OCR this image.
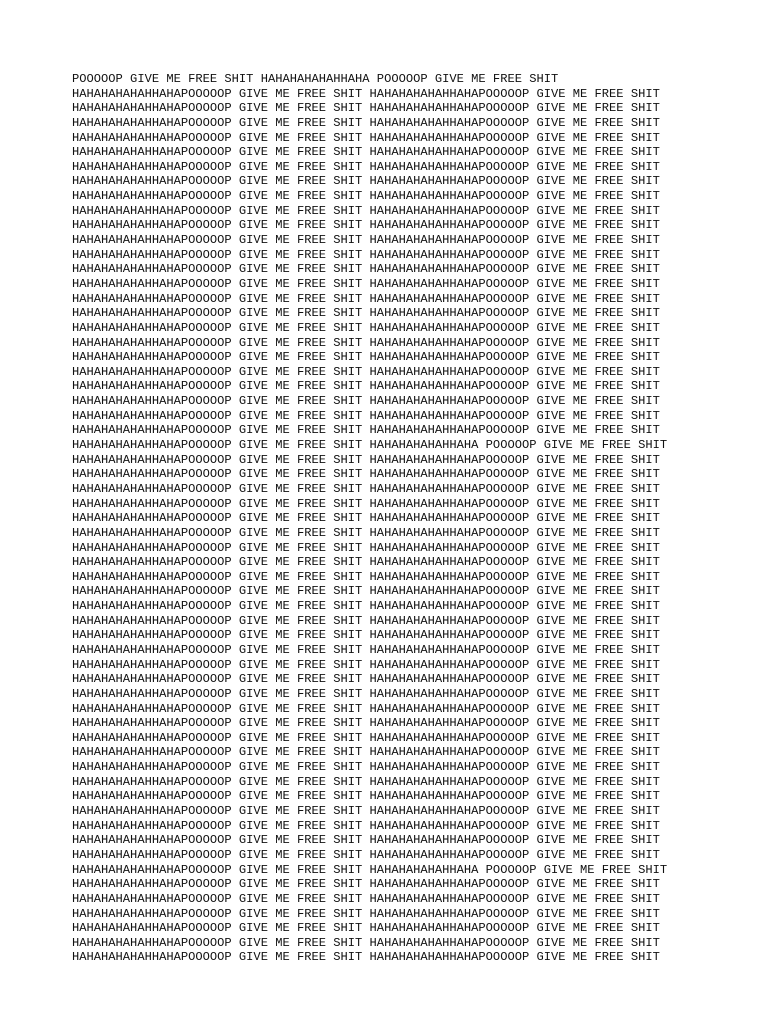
POOOOOP GIVE ME FREE SHIT HAHAHAHAHAHHAHA POOOOOP GIVE ME FREE SHIT
HAHAHAHAHAHHAHAPOOOOOP GIVE ME FREE SHIT HAHAHAHAHAHHAHAPOOOOOP GIVE ME FREE SHIT
HAHAHAHAHAHHAHAPOOOOOP GIVE ME FREE SHIT HAHAHAHAHAHHAHAPOOOOOP GIVE ME FREE SHIT
HAHAHAHAHAHHAHAPOOOOOP GIVE ME FREE SHIT HAHAHAHAHAHHAHAPOOOOOP GIVE ME FREE SHIT
HAHAHAHAHAHHAHAPOOOOOP GIVE ME FREE SHIT HAHAHAHAHAHHAHAPOOOOOP GIVE ME FREE SHIT
HAHAHAHAHAHHAHAPOOOOOP GIVE ME FREE SHIT HAHAHAHAHAHHAHAPOOOOOP GIVE ME FREE SHIT
HAHAHAHAHAHHAHAPOOOOOP GIVE ME FREE SHIT HAHAHAHAHAHHAHAPOOOOOP GIVE ME FREE SHIT
HAHAHAHAHAHHAHAPOOOOOP GIVE ME FREE SHIT HAHAHAHAHAHHAHAPOOOOOP GIVE ME FREE SHIT
HAHAHAHAHAHHAHAPOOOOOP GIVE ME FREE SHIT HAHAHAHAHAHHAHAPOOOOOP GIVE ME FREE SHIT
HAHAHAHAHAHHAHAPOOOOOP GIVE ME FREE SHIT HAHAHAHAHAHHAHAPOOOOOP GIVE ME FREE SHIT
HAHAHAHAHAHHAHAPOOOOOP GIVE ME FREE SHIT HAHAHAHAHAHHAHAPOOOOOP GIVE ME FREE SHIT
HAHAHAHAHAHHAHAPOOOOOP GIVE ME FREE SHIT HAHAHAHAHAHHAHAPOOOOOP GIVE ME FREE SHIT
HAHAHAHAHAHHAHAPOOOOOP GIVE ME FREE SHIT HAHAHAHAHAHHAHAPOOOOOP GIVE ME FREE SHIT
HAHAHAHAHAHHAHAPOOOOOP GIVE ME FREE SHIT HAHAHAHAHAHHAHAPOOOOOP GIVE ME FREE SHIT
HAHAHAHAHAHHAHAPOOOOOP GIVE ME FREE SHIT HAHAHAHAHAHHAHAPOOOOOP GIVE ME FREE SHIT
HAHAHAHAHAHHAHAPOOOOOP GIVE ME FREE SHIT HAHAHAHAHAHHAHAPOOOOOP GIVE ME FREE SHIT
HAHAHAHAHAHHAHAPOOOOOP GIVE ME FREE SHIT HAHAHAHAHAHHAHAPOOOOOP GIVE ME FREE SHIT
HAHAHAHAHAHHAHAPOOOOOP GIVE ME FREE SHIT HAHAHAHAHAHHAHAPOOOOOP GIVE ME FREE SHIT
HAHAHAHAHAHHAHAPOOOOOP GIVE ME FREE SHIT HAHAHAHAHAHHAHAPOOOOOP GIVE ME FREE SHIT
HAHAHAHAHAHHAHAPOOOOOP GIVE ME FREE SHIT HAHAHAHAHAHHAHAPOOOOOP GIVE ME FREE SHIT
HAHAHAHAHAHHAHAPOOOOOP GIVE ME FREE SHIT HAHAHAHAHAHHAHAPOOOOOP GIVE ME FREE SHIT
HAHAHAHAHAHHAHAPOOOOOP GIVE ME FREE SHIT HAHAHAHAHAHHAHAPOOOOOP GIVE ME FREE SHIT
HAHAHAHAHAHHAHAPOOOOOP GIVE ME FREE SHIT HAHAHAHAHAHHAHAPOOOOOP GIVE ME FREE SHIT
HAHAHAHAHAHHAHAPOOOOOP GIVE ME FREE SHIT HAHAHAHAHAHHAHAPOOOOOP GIVE ME FREE SHIT
HAHAHAHAHAHHAHAPOOOOOP GIVE ME FREE SHIT HAHAHAHAHAHHAHAPOOOOOP GIVE ME FREE SHIT
HAHAHAHAHAHHAHAPOOOOOP GIVE ME FREE SHIT HAHAHAHAHAHHAHA POOOOOP GIVE ME FREE SHIT
HAHAHAHAHAHHAHAPOOOOOP GIVE ME FREE SHIT HAHAHAHAHAHHAHAPOOOOOP GIVE ME FREE SHIT
HAHAHAHAHAHHAHAPOOOOOP GIVE ME FREE SHIT HAHAHAHAHAHHAHAPOOOOOP GIVE ME FREE SHIT
HAHAHAHAHAHHAHAPOOOOOP GIVE ME FREE SHIT HAHAHAHAHAHHAHAPOOOOOP GIVE ME FREE SHIT
HAHAHAHAHAHHAHAPOOOOOP GIVE ME FREE SHIT HAHAHAHAHAHHAHAPOOOOOP GIVE ME FREE SHIT
HAHAHAHAHAHHAHAPOOOOOP GIVE ME FREE SHIT HAHAHAHAHAHHAHAPOOOOOP GIVE ME FREE SHIT
HAHAHAHAHAHHAHAPOOOOOP GIVE ME FREE SHIT HAHAHAHAHAHHAHAPOOOOOP GIVE ME FREE SHIT
HAHAHAHAHAHHAHAPOOOOOP GIVE ME FREE SHIT HAHAHAHAHAHHAHAPOOOOOP GIVE ME FREE SHIT
HAHAHAHAHAHHAHAPOOOOOP GIVE ME FREE SHIT HAHAHAHAHAHHAHAPOOOOOP GIVE ME FREE SHIT
HAHAHAHAHAHHAHAPOOOOOP GIVE ME FREE SHIT HAHAHAHAHAHHAHAPOOOOOP GIVE ME FREE SHIT
HAHAHAHAHAHHAHAPOOOOOP GIVE ME FREE SHIT HAHAHAHAHAHHAHAPOOOOOP GIVE ME FREE SHIT
HAHAHAHAHAHHAHAPOOOOOP GIVE ME FREE SHIT HAHAHAHAHAHHAHAPOOOOOP GIVE ME FREE SHIT
HAHAHAHAHAHHAHAPOOOOOP GIVE ME FREE SHIT HAHAHAHAHAHHAHAPOOOOOP GIVE ME FREE SHIT
HAHAHAHAHAHHAHAPOOOOOP GIVE ME FREE SHIT HAHAHAHAHAHHAHAPOOOOOP GIVE ME FREE SHIT
HAHAHAHAHAHHAHAPOOOOOP GIVE ME FREE SHIT HAHAHAHAHAHHAHAPOOOOOP GIVE ME FREE SHIT
HAHAHAHAHAHHAHAPOOOOOP GIVE ME FREE SHIT HAHAHAHAHAHHAHAPOOOOOP GIVE ME FREE SHIT
HAHAHAHAHAHHAHAPOOOOOP GIVE ME FREE SHIT HAHAHAHAHAHHAHAPOOOOOP GIVE ME FREE SHIT
HAHAHAHAHAHHAHAPOOOOOP GIVE ME FREE SHIT HAHAHAHAHAHHAHAPOOOOOP GIVE ME FREE SHIT
HAHAHAHAHAHHAHAPOOOOOP GIVE ME FREE SHIT HAHAHAHAHAHHAHAPOOOOOP GIVE ME FREE SHIT
HAHAHAHAHAHHAHAPOOOOOP GIVE ME FREE SHIT HAHAHAHAHAHHAHAPOOOOOP GIVE ME FREE SHIT
HAHAHAHAHAHHAHAPOOOOOP GIVE ME FREE SHIT HAHAHAHAHAHHAHAPOOOOOP GIVE ME FREE SHIT
HAHAHAHAHAHHAHAPOOOOOP GIVE ME FREE SHIT HAHAHAHAHAHHAHAPOOOOOP GIVE ME FREE SHIT
HAHAHAHAHAHHAHAPOOOOOP GIVE ME FREE SHIT HAHAHAHAHAHHAHAPOOOOOP GIVE ME FREE SHIT
HAHAHAHAHAHHAHAPOOOOOP GIVE ME FREE SHIT HAHAHAHAHAHHAHAPOOOOOP GIVE ME FREE SHIT
HAHAHAHAHAHHAHAPOOOOOP GIVE ME FREE SHIT HAHAHAHAHAHHAHAPOOOOOP GIVE ME FREE SHIT
HAHAHAHAHAHHAHAPOOOOOP GIVE ME FREE SHIT HAHAHAHAHAHHAHAPOOOOOP GIVE ME FREE SHIT
HAHAHAHAHAHHAHAPOOOOOP GIVE ME FREE SHIT HAHAHAHAHAHHAHAPOOOOOP GIVE ME FREE SHIT
HAHAHAHAHAHHAHAPOOOOOP GIVE ME FREE SHIT HAHAHAHAHAHHAHAPOOOOOP GIVE ME FREE SHIT
HAHAHAHAHAHHAHAPOOOOOP GIVE ME FREE SHIT HAHAHAHAHAHHAHAPOOOOOP GIVE ME FREE SHIT
HAHAHAHAHAHHAHAPOOOOOP GIVE ME FREE SHIT HAHAHAHAHAHHAHA POOOOOP GIVE ME FREE SHIT
HAHAHAHAHAHHAHAPOOOOOP GIVE ME FREE SHIT HAHAHAHAHAHHAHAPOOOOOP GIVE ME FREE SHIT
HAHAHAHAHAHHAHAPOOOOOP GIVE ME FREE SHIT HAHAHAHAHAHHAHAPOOOOOP GIVE ME FREE SHIT
HAHAHAHAHAHHAHAPOOOOOP GIVE ME FREE SHIT HAHAHAHAHAHHAHAPOOOOOP GIVE ME FREE SHIT
HAHAHAHAHAHHAHAPOOOOOP GIVE ME FREE SHIT HAHAHAHAHAHHAHAPOOOOOP GIVE ME FREE SHIT
HAHAHAHAHAHHAHAPOOOOOP GIVE ME FREE SHIT HAHAHAHAHAHHAHAPOOOOOP GIVE ME FREE SHIT
HAHAHAHAHAHHAHAPOOOOOP GIVE ME FREE SHIT HAHAHAHAHAHHAHAPOOOOOP GIVE ME FREE SHIT
